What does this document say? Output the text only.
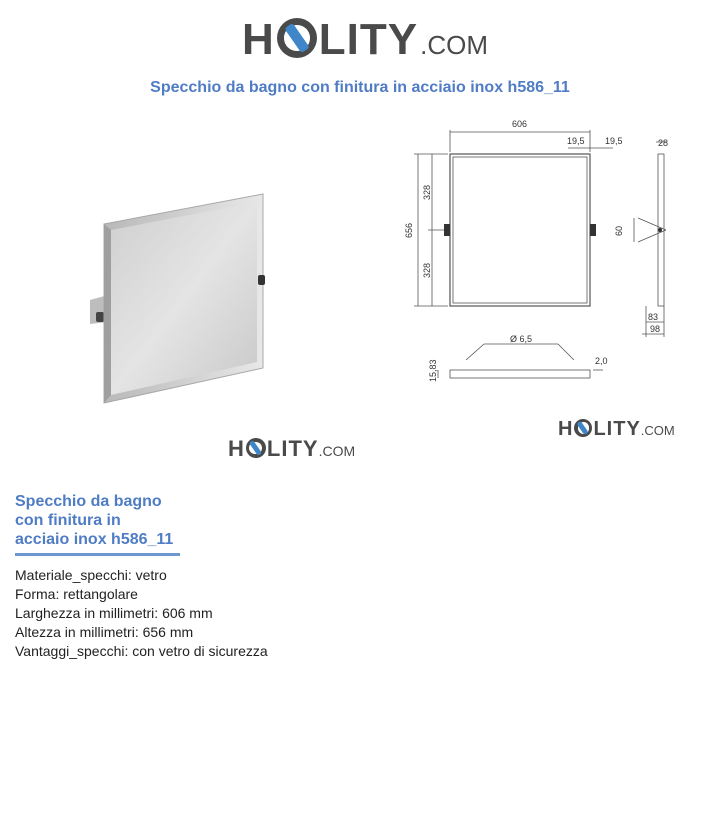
H LITY .COM
Specchio da bagno con finitura in acciaio inox h586_11
606
19,5 19,5	28
656
328
328
60
83
98
Ø 6,5
2,0
15,83
H LITY .COM
H LITY .COM
Specchio da bagno
con finitura in
acciaio inox h586_11
Materiale_specchi: vetro
Forma: rettangolare
Larghezza in millimetri: 606 mm
Altezza in millimetri: 656 mm
Vantaggi_specchi: con vetro di sicurezza
